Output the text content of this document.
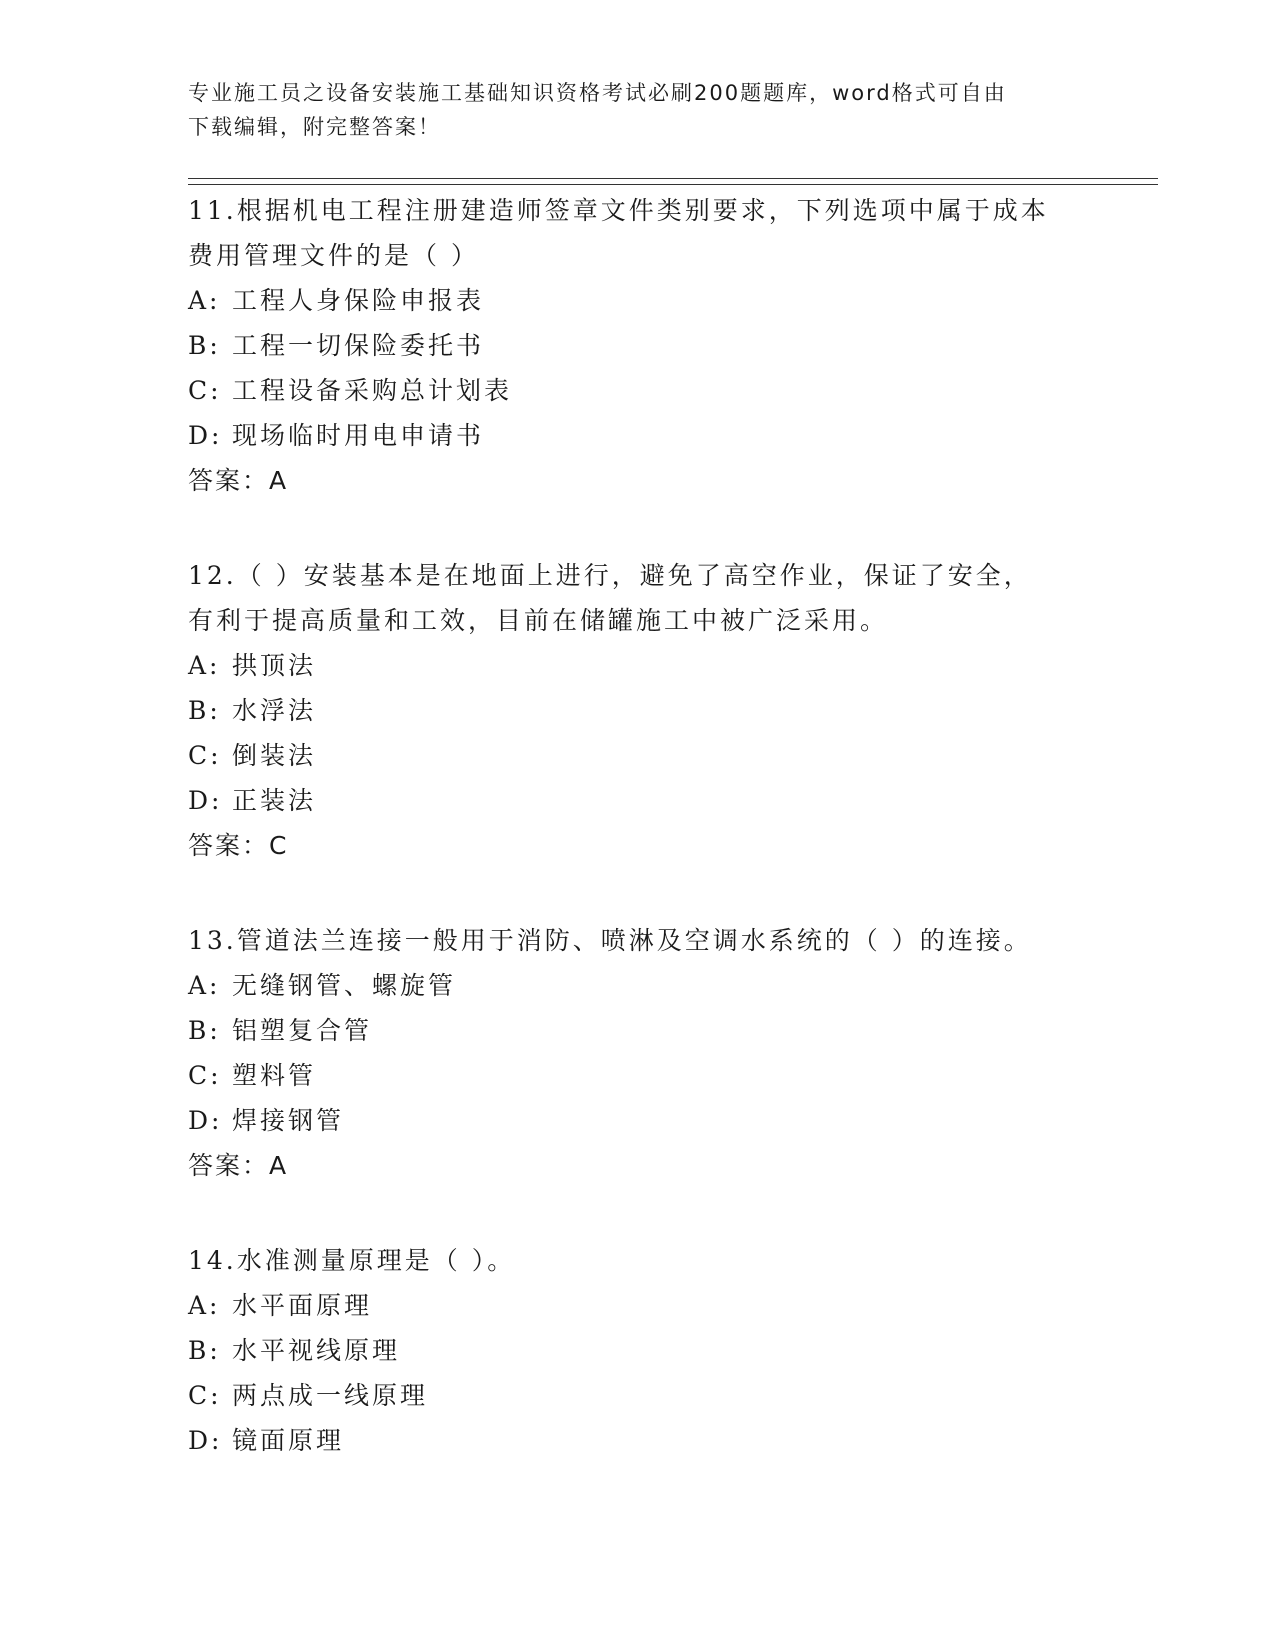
专业施工员之设备安装施工基础知识资格考试必刷200题题库，word格式可自由
下载编辑，附完整答案！

11.根据机电工程注册建造师签章文件类别要求，下列选项中属于成本

费用管理文件的是（ ）

A: 工程人身保险申报表

B: 工程一切保险委托书

C: 工程设备采购总计划表

D: 现场临时用电申请书

答案：A

12.（ ）安装基本是在地面上进行，避免了高空作业，保证了安全，

有利于提高质量和工效，目前在储罐施工中被广泛采用。

A: 拱顶法

B: 水浮法

C: 倒装法

D: 正装法

答案：C

13.管道法兰连接一般用于消防、喷淋及空调水系统的（ ）的连接。

A: 无缝钢管、螺旋管

B: 铝塑复合管

C: 塑料管

D: 焊接钢管

答案：A

14.水准测量原理是（ ）。

A: 水平面原理

B: 水平视线原理

C: 两点成一线原理

D: 镜面原理
